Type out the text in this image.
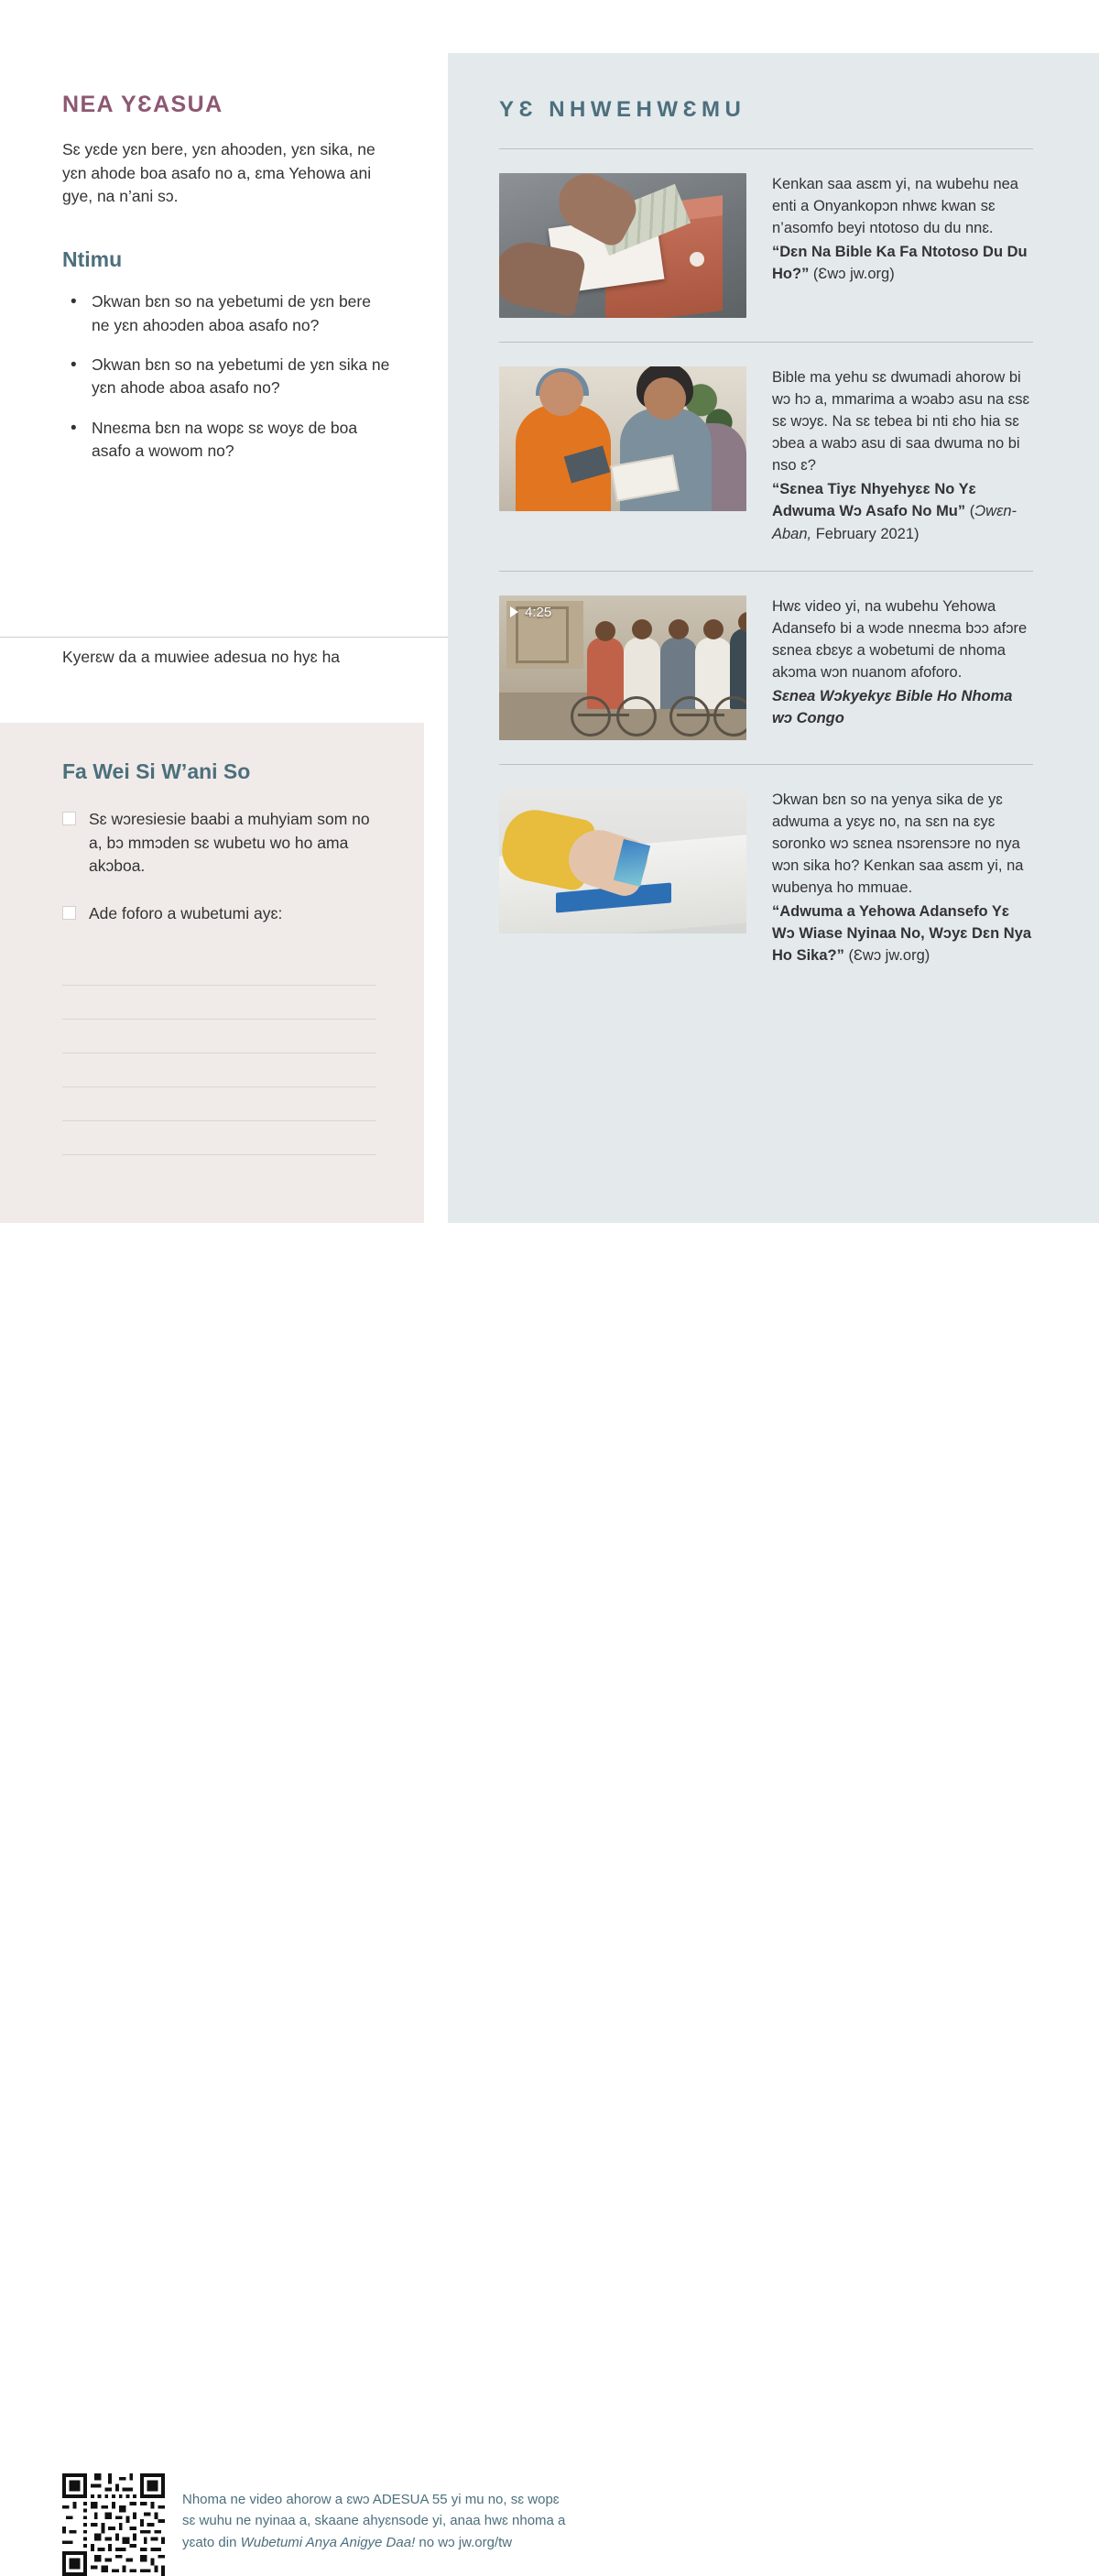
NEA YƐASUA

Sɛ yɛde yɛn bere, yɛn ahoɔden, yɛn sika, ne yɛn ahode boa asafo no a, ɛma Yehowa ani gye, na n’ani sɔ.

Ntimu
• Ɔkwan bɛn so na yebetumi de yɛn bere ne yɛn ahoɔden aboa asafo no?
• Ɔkwan bɛn so na yebetumi de yɛn sika ne yɛn ahode aboa asafo no?
• Nneɛma bɛn na wopɛ sɛ woyɛ de boa asafo a wowom no?
Kyerɛw da a muwiee adesua no hyɛ ha
Fa Wei Si W’ani So
Sɛ wɔresiesie baabi a muhyiam som no a, bɔ mmɔden sɛ wubetu wo ho ama akɔboa.
Ade foforo a wubetumi ayɛ:
YƐ NHWEHWƐMU

Kenkan saa asɛm yi, na wubehu nea enti a Onyankopɔn nhwɛ kwan sɛ n’asomfo beyi ntotoso du du nnɛ.

“Dɛn Na Bible Ka Fa Ntotoso Du Du Ho?” (Ɛwɔ jw.org)

Bible ma yehu sɛ dwumadi ahorow bi wɔ hɔ a, mmarima a wɔabɔ asu na ɛsɛ sɛ wɔyɛ. Na sɛ tebea bi nti ɛho hia sɛ ɔbea a wabɔ asu di saa dwuma no bi nso ɛ?

“Sɛnea Tiyɛ Nhyehyɛɛ No Yɛ Adwuma Wɔ Asafo No Mu” (Ɔwɛn-Aban, February 2021)

4:25	Hwɛ video yi, na wubehu Yehowa Adansefo bi a wɔde nneɛma bɔɔ afɔre sɛnea ɛbɛyɛ a wobetumi de nhoma akɔma wɔn nuanom afoforo.

Sɛnea Wɔkyekyɛ Bible Ho Nhoma wɔ Congo

Ɔkwan bɛn so na yenya sika de yɛ adwuma a yɛyɛ no, na sɛn na ɛyɛ soronko wɔ sɛnea nsɔrensɔre no nya wɔn sika ho? Kenkan saa asɛm yi, na wubenya ho mmuae.

“Adwuma a Yehowa Adansefo Yɛ Wɔ Wiase Nyinaa No, Wɔyɛ Dɛn Nya Ho Sika?” (Ɛwɔ jw.org)

Nhoma ne video ahorow a ɛwɔ ADESUA 55 yi mu no, sɛ wopɛ
sɛ wuhu ne nyinaa a, skaane ahyɛnsode yi, anaa hwɛ nhoma a
yɛato din Wubetumi Anya Anigye Daa! no wɔ jw.org/tw
